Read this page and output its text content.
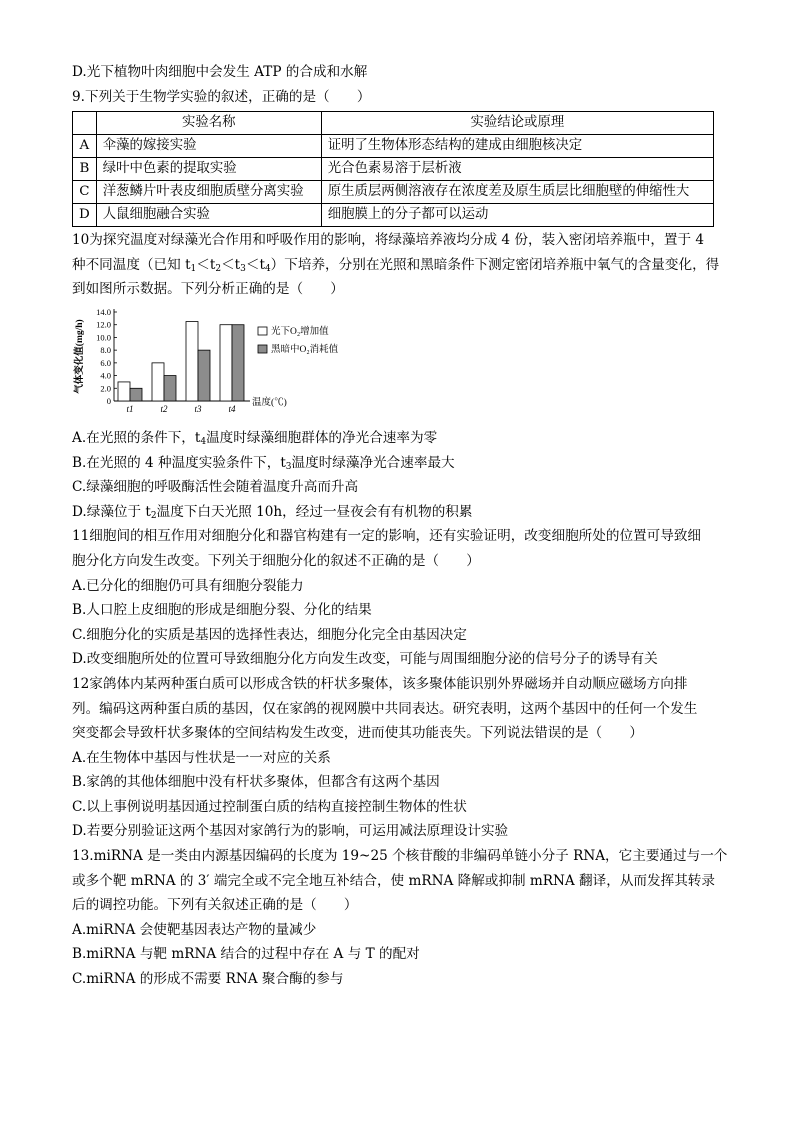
D.光下植物叶肉细胞中会发生 ATP 的合成和水解
9.下列关于生物学实验的叙述，正确的是（　　）
	实验名称	实验结论或原理
A	伞藻的嫁接实验	证明了生物体形态结构的建成由细胞核决定
B	绿叶中色素的提取实验	光合色素易溶于层析液
C	洋葱鳞片叶表皮细胞质壁分离实验	原生质层两侧溶液存在浓度差及原生质层比细胞壁的伸缩性大
D	人鼠细胞融合实验	细胞膜上的分子都可以运动
10为探究温度对绿藻光合作用和呼吸作用的影响，将绿藻培养液均分成 4 份，装入密闭培养瓶中，置于 4
种不同温度（已知 $t_1<t_2<t_3<t_4$）下培养，分别在光照和黑暗条件下测定密闭培养瓶中氧气的含量变化，得
到如图所示数据。下列分析正确的是（　　）
气体变化值(mg/h)
0
2.0
4.0
6.0
8.0
10.0
12.0
14.0
t1	t2	t3	t4
温度(℃)
光下O₂增加值
黑暗中O₂消耗值
A.在光照的条件下，$t_4$温度时绿藻细胞群体的净光合速率为零
B.在光照的 4 种温度实验条件下，$t_3$温度时绿藻净光合速率最大
C.绿藻细胞的呼吸酶活性会随着温度升高而升高
D.绿藻位于 $t_2$温度下白天光照 10h，经过一昼夜会有有机物的积累
11细胞间的相互作用对细胞分化和器官构建有一定的影响，还有实验证明，改变细胞所处的位置可导致细
胞分化方向发生改变。下列关于细胞分化的叙述不正确的是（　　）
A.已分化的细胞仍可具有细胞分裂能力
B.人口腔上皮细胞的形成是细胞分裂、分化的结果
C.细胞分化的实质是基因的选择性表达，细胞分化完全由基因决定
D.改变细胞所处的位置可导致细胞分化方向发生改变，可能与周围细胞分泌的信号分子的诱导有关
12家鸽体内某两种蛋白质可以形成含铁的杆状多聚体，该多聚体能识别外界磁场并自动顺应磁场方向排
列。编码这两种蛋白质的基因，仅在家鸽的视网膜中共同表达。研究表明，这两个基因中的任何一个发生
突变都会导致杆状多聚体的空间结构发生改变，进而使其功能丧失。下列说法错误的是（　　）
A.在生物体中基因与性状是一一对应的关系
B.家鸽的其他体细胞中没有杆状多聚体，但都含有这两个基因
C.以上事例说明基因通过控制蛋白质的结构直接控制生物体的性状
D.若要分别验证这两个基因对家鸽行为的影响，可运用减法原理设计实验
13.miRNA 是一类由内源基因编码的长度为 19~25 个核苷酸的非编码单链小分子 RNA，它主要通过与一个
或多个靶 mRNA 的 3′ 端完全或不完全地互补结合，使 mRNA 降解或抑制 mRNA 翻译，从而发挥其转录
后的调控功能。下列有关叙述正确的是（　　）
A.miRNA 会使靶基因表达产物的量减少
B.miRNA 与靶 mRNA 结合的过程中存在 A 与 T 的配对
C.miRNA 的形成不需要 RNA 聚合酶的参与
